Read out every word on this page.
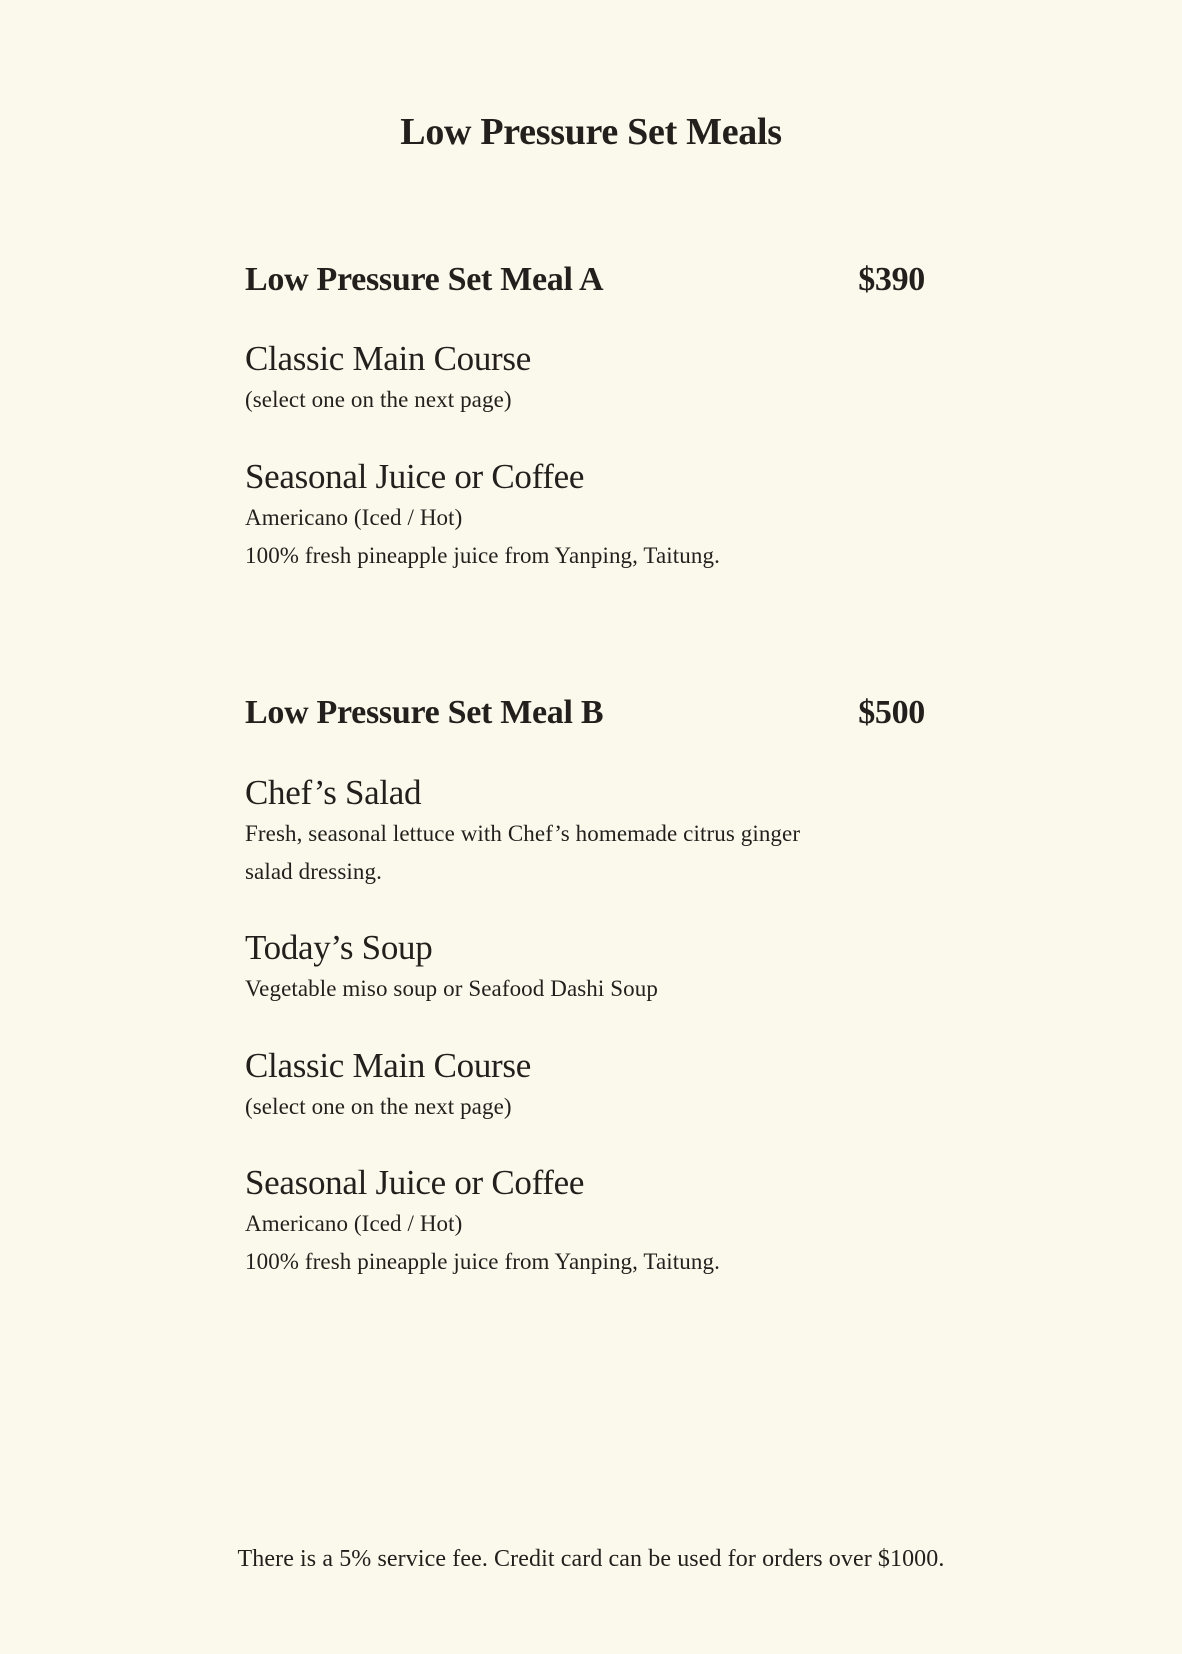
Low Pressure Set Meals
Low Pressure Set Meal A	$390

Classic Main Course

(select one on the next page)

Seasonal Juice or Coffee

Americano (Iced / Hot)

100% fresh pineapple juice from Yanping, Taitung.

Low Pressure Set Meal B	$500

Chef’s Salad

Fresh, seasonal lettuce with Chef’s homemade citrus ginger

salad dressing.

Today’s Soup

Vegetable miso soup or Seafood Dashi Soup

Classic Main Course

(select one on the next page)

Seasonal Juice or Coffee

Americano (Iced / Hot)

100% fresh pineapple juice from Yanping, Taitung.

There is a 5% service fee. Credit card can be used for orders over $1000.
